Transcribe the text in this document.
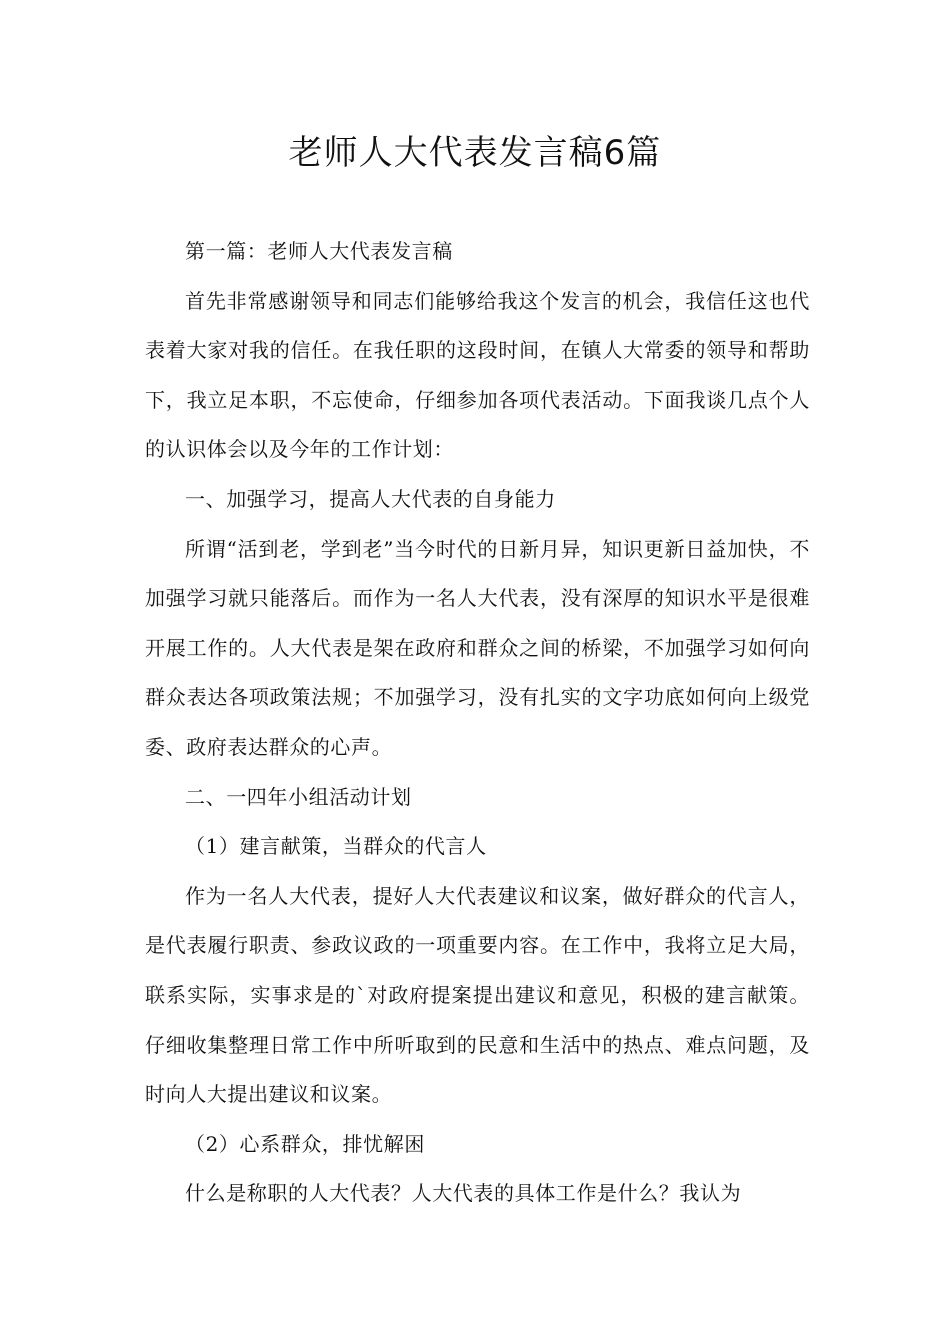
老师人大代表发言稿6篇

第一篇：老师人大代表发言稿

首先非常感谢领导和同志们能够给我这个发言的机会，我信任这也代表着大家对我的信任。在我任职的这段时间，在镇人大常委的领导和帮助下，我立足本职，不忘使命，仔细参加各项代表活动。下面我谈几点个人的认识体会以及今年的工作计划：

一、加强学习，提高人大代表的自身能力

所谓“活到老，学到老”当今时代的日新月异，知识更新日益加快，不加强学习就只能落后。而作为一名人大代表，没有深厚的知识水平是很难开展工作的。人大代表是架在政府和群众之间的桥梁，不加强学习如何向群众表达各项政策法规；不加强学习，没有扎实的文字功底如何向上级党委、政府表达群众的心声。

二、一四年小组活动计划

（1）建言献策，当群众的代言人

作为一名人大代表，提好人大代表建议和议案，做好群众的代言人，是代表履行职责、参政议政的一项重要内容。在工作中，我将立足大局，联系实际，实事求是的`对政府提案提出建议和意见，积极的建言献策。仔细收集整理日常工作中所听取到的民意和生活中的热点、难点问题，及时向人大提出建议和议案。

（2）心系群众，排忧解困

什么是称职的人大代表？人大代表的具体工作是什么？我认为
